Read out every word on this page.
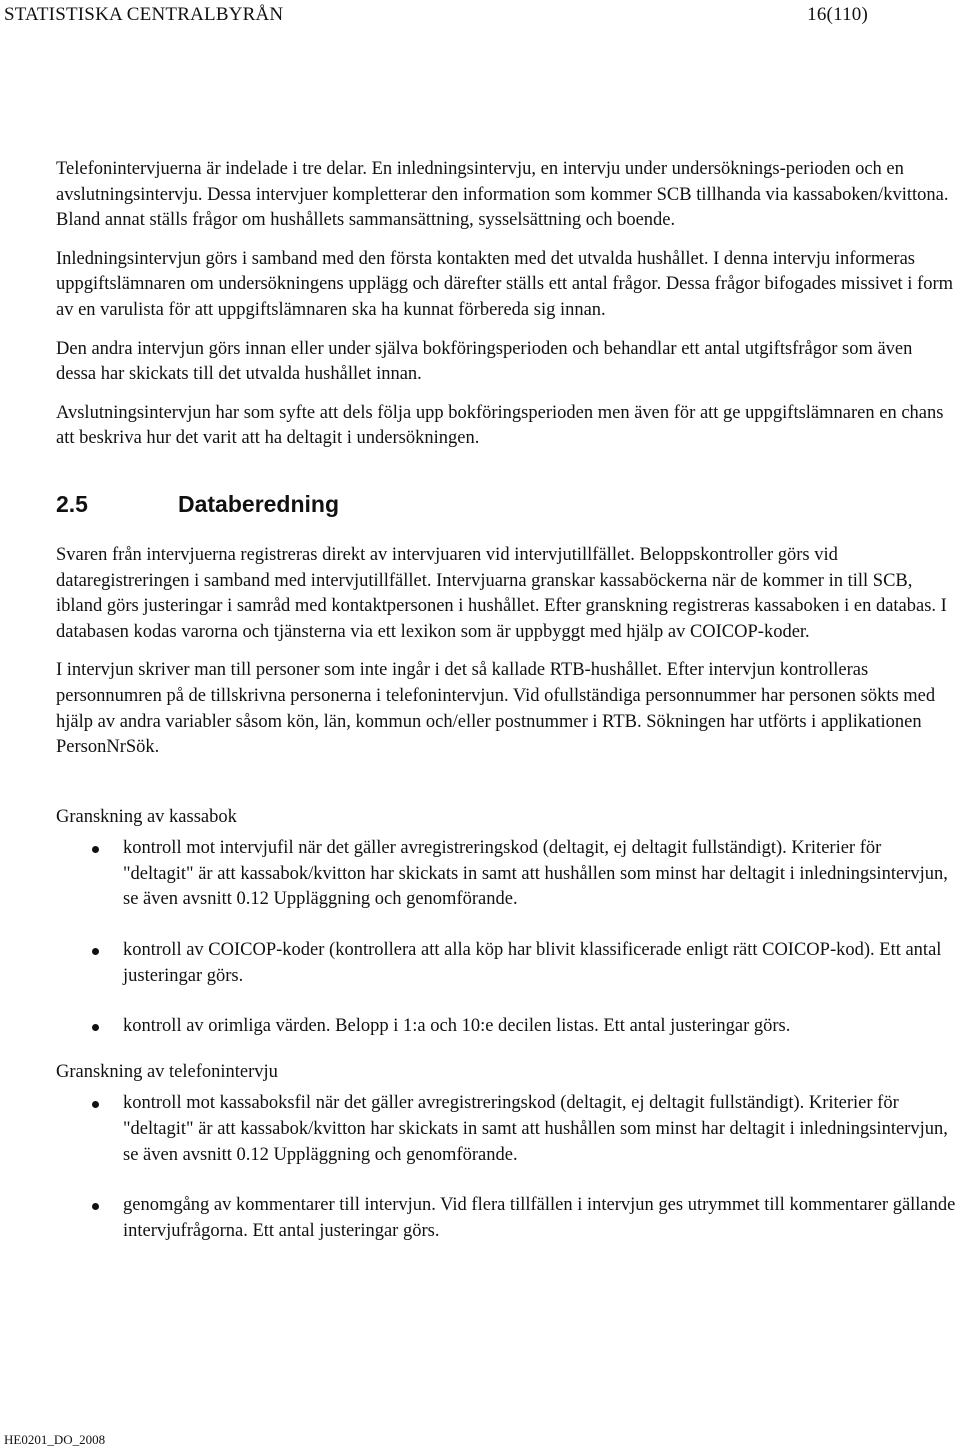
STATISTISKA CENTRALBYRÅN	16(110)

Telefonintervjuerna är indelade i tre delar. En inledningsintervju, en intervju under undersöknings-perioden och en avslutningsintervju. Dessa intervjuer kompletterar den information som kommer SCB tillhanda via kassaboken/kvittona. Bland annat ställs frågor om hushållets sammansättning, sysselsättning och boende.

Inledningsintervjun görs i samband med den första kontakten med det utvalda hushållet. I denna intervju informeras uppgiftslämnaren om undersökningens upplägg och därefter ställs ett antal frågor. Dessa frågor bifogades missivet i form av en varulista för att uppgiftslämnaren ska ha kunnat förbereda sig innan.

Den andra intervjun görs innan eller under själva bokföringsperioden och behandlar ett antal utgiftsfrågor som även dessa har skickats till det utvalda hushållet innan.

Avslutningsintervjun har som syfte att dels följa upp bokföringsperioden men även för att ge uppgiftslämnaren en chans att beskriva hur det varit att ha deltagit i undersökningen.

2.5	Databeredning

Svaren från intervjuerna registreras direkt av intervjuaren vid intervjutillfället. Beloppskontroller görs vid dataregistreringen i samband med intervjutillfället. Intervjuarna granskar kassaböckerna när de kommer in till SCB, ibland görs justeringar i samråd med kontaktpersonen i hushållet. Efter granskning registreras kassaboken i en databas. I databasen kodas varorna och tjänsterna via ett lexikon som är uppbyggt med hjälp av COICOP-koder.

I intervjun skriver man till personer som inte ingår i det så kallade RTB-hushållet. Efter intervjun kontrolleras personnumren på de tillskrivna personerna i telefonintervjun. Vid ofullständiga personnummer har personen sökts med hjälp av andra variabler såsom kön, län, kommun och/eller postnummer i RTB. Sökningen har utförts i applikationen PersonNrSök.

Granskning av kassabok
kontroll mot intervjufil när det gäller avregistreringskod (deltagit, ej deltagit fullständigt). Kriterier för "deltagit" är att kassabok/kvitton har skickats in samt att hushållen som minst har deltagit i inledningsintervjun, se även avsnitt 0.12 Uppläggning och genomförande.
kontroll av COICOP-koder (kontrollera att alla köp har blivit klassificerade enligt rätt COICOP-kod). Ett antal justeringar görs.
kontroll av orimliga värden. Belopp i 1:a och 10:e decilen listas. Ett antal justeringar görs.
Granskning av telefonintervju
kontroll mot kassaboksfil när det gäller avregistreringskod (deltagit, ej deltagit fullständigt). Kriterier för "deltagit" är att kassabok/kvitton har skickats in samt att hushållen som minst har deltagit i inledningsintervjun, se även avsnitt 0.12 Uppläggning och genomförande.
genomgång av kommentarer till intervjun. Vid flera tillfällen i intervjun ges utrymmet till kommentarer gällande intervjufrågorna. Ett antal justeringar görs.
HE0201_DO_2008
